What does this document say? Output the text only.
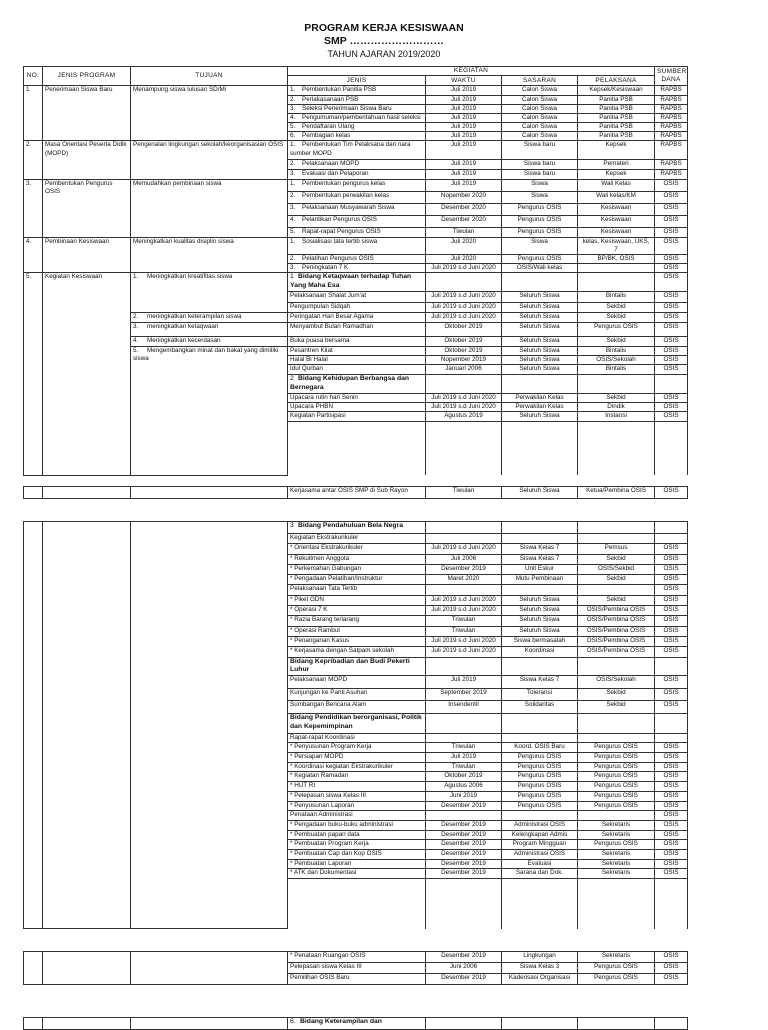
PROGRAM KERJA KESISWAAN
SMP ………………………
TAHUN AJARAN 2019/2020
NO.	JENIS PROGRAM	TUJUAN	KEGIATAN				SUMBER DANA
			JENIS	WAKTU	SASARAN	PELAKSANA	
1	Penerimaan Siswa Baru	Menampung siswa lulusan SD/Mi	1. Pembentukan Panitia PSB	Juli 2019	Calon Siswa	Kepsek/Kesiswaan	RAPBS
			2. Perlakasanaan PSB	Juli 2019	Calon Siswa	Panitia PSB	RAPBS
			3. Seleksi Penerimaan Siswa Baru	Juli 2019	Calon Siswa	Panitia PSB	RAPBS
			4. Pengumuman/pemberitahuan hasil seleksi	Juli 2019	Calon Siswa	Panitia PSB	RAPBS
			5. Pendaftaran Ulang	Juli 2019	Calon Siswa	Panitia PSB	RAPBS
			6. Pembagian kelas	Juli 2019	Calon Siswa	Panitia PSB	RAPBS
2.	Masa Orientasi Peserta Didik (MOPD)	Pengenalan lingkungan sekolah/keorganisasian OSIS	1. Pembentukan Tim Pelaksana dan nara sumber MOPD	Juli 2019	Siswa baru	Kepsek	RAPBS
			2. Pelaksanaan MOPD	Juli 2019	Siswa baru	Pemateri	RAPBS
			3. Evaluasi dan Pelaporan	Juli 2019	Siswa baru	Kepsek	RAPBS
3.	Pembentukan Pengurus OSIS	Memudahkan pembinaan siswa	1. Pembentukan pengurus kelas	Juli 2019	Siswa	Wali Kelas	OSIS
			2. Pembentukan perwakilan kelas	Nopember 2020	Siswa	Wali kelas/KM	OSIS
			3. Pelaksanaan Musyawarah Siswa	Desember 2020	Pengurus OSIS	Kesiswaan	OSIS
			4. Pelantikan Pengurus OSIS	Desember 2020	Pengurus OSIS	Kesiswaan	OSIS
			5. Rapat-rapat Pengurus OSIS	Tiwulan	Pengurus OSIS	Kesiswaan	OSIS
4.	Pembinaan Kesiswaan	Meningkatkan kualitas disiplin siswa	1. Sosialisasi tata tertib siswa	Juli 2020	Siswa	kelas, Kesiswaan, UKS, 7	OSIS
			2. Pelatihan Pengurus OSIS	Juli 2020	Pengurus OSIS	BP/BK, OSIS	OSIS
			3. Peningkatan 7 K	Juli 2019 s.d Juni 2020	OSIS/Wali kelas		OSIS
5.	Kegiatan Kesiswaan	1. Meningkatkan kreatifitas siswa	1 Bidang Ketaqwaan terhadap Tuhan Yang Maha Esa				OSIS
			Pelaksanaan Shalat Jum'at	Juli 2019 s.d Juni 2020	Seluruh Siswa	Bintalis	OSIS
			Pengumpulan Sidqah	Juli 2019 s.d Juni 2020	Seluruh Siswa	Sekbid	OSIS
		2. meningkatkan keterampilan siswa	Peringatan Hari Besar Agama	Juli 2019 s.d Juni 2020	Seluruh Siswa	Sekbid	OSIS
		3. meningkatkan ketaqwaan	Menyambut Bulan Ramadhan	Oktober 2019	Seluruh Siswa	Pengurus OSIS	OSIS
		4. Meningkatkan kecerdasan	Buka puasa bersama	Oktober 2019	Seluruh Siswa	Sekbid	OSIS
		5. Mengembangkan minat dan bakat yang dimiliki siswa	Pesantren Kilat	Oktober 2019	Seluruh Siswa	Bintalis	OSIS
			Halal Bi Halal	Nopember 2019	Seluruh Siswa	OSIS/Sekolah	OSIS
			Idul Qurban	Januari 2006	Seluruh Siswa	Bintalis	OSIS
			2 Bidang Kehidupan Berbangsa dan Bernegara				
			Upacara rutin hari Senin	Juli 2019 s.d Juni 2020	Perwakilan Kelas	Sekbid	OSIS
			Upacara PHBN	Juli 2019 s.d Juni 2020	Perwakilan Kelas	Dindik	OSIS
			Kegiatan Partisipasi	Agustus 2019	Seluruh Siswa	Instansi	OSIS

			Kerjasama antar OSIS SMP di Sub Rayon	Tiwulan	Seluruh Siswa	Ketua/Pembina OSIS	OSIS
			3 Bidang Pendahuluan Bela Negra				
			Kegiatan Ekstrakurikuler				
			* Orientasi Ekstrakurikuler	Juli 2019 s.d Juni 2020	Siswa Kelas 7	Pemsus	OSIS
			* Rekuitmen Anggota	Juli 2006	Siswa Kelas 7	Sekbid	OSIS
			* Perkemahan Gabungan	Desember 2019	Unit Eskur	OSIS/Sekbid	OSIS
			* Pengadaan Pelatihan/Instruktur	Maret 2020	Mutu Pembinaan	Sekbid	OSIS
			Pelaksanaan Tata Tertib				OSIS
			* Piket GDN	Juli 2019 s.d Juni 2020	Seluruh Siswa	Sekbid	OSIS
			* Operasi 7 K	Juli 2019 s.d Juni 2020	Seluruh Siswa	OSIS/Pembina OSIS	OSIS
			* Razia Barang terlarang	Triwulan	Seluruh Siswa	OSIS/Pembina OSIS	OSIS
			* Operasi Rambut	Triwulan	Seluruh Siswa	OSIS/Pembina OSIS	OSIS
			* Penanganan Kasus	Juli 2019 s.d Juni 2020	Siswa bermasalah	OSIS/Pembina OSIS	OSIS
			* Kerjasama dengan Satpam sekolah	Juli 2019 s.d Juni 2020	Koordinasi	OSIS/Pembina OSIS	OSIS
			Bidang Kepribadian dan Budi Pekerti Luhur				
			Pelaksanaan MOPD	Juli 2019	Siswa Kelas 7	OSIS/Sekolah	OSIS
			Kunjungan ke Panti Asuhan	September 2019	Toleransi	Sekbid	OSIS
			Sumbangan Bencana Alam	Insendentil	Solidaritas	Sekbid	OSIS
			Bidang Pendidikan berorganisasi, Politik dan Kepemimpinan				
			Rapat-rapat Koordinasi				
			* Penyusunan Program Kerja	Triwulan	Koord. OSIS Baru	Pengurus OSIS	OSIS
			* Persiapan MOPD	Juli 2019	Pengurus OSIS	Pengurus OSIS	OSIS
			* Koordinasi kegiatan Ekstrakurikuler	Triwulan	Pengurus OSIS	Pengurus OSIS	OSIS
			* Kegiatan Ramadan	Oktober 2019	Pengurus OSIS	Pengurus OSIS	OSIS
			* HUT RI	Agustus 2006	Pengurus OSIS	Pengurus OSIS	OSIS
			* Pelepasan siswa Kelas III	Juni 2019	Pengurus OSIS	Pengurus OSIS	OSIS
			* Penyusunan Laporan	Desember 2019	Pengurus OSIS	Pengurus OSIS	OSIS
			Penataan Administrasi				OSIS
			* Pengadaan buku-buku administrasi	Desember 2019	Administrasi OSIS	Sekretaris	OSIS
			* Pembuatan papan data	Desember 2019	Kelengkapan Admis	Sekretaris	OSIS
			* Pembuatan Program Kerja	Desember 2019	Program Mingguan	Pengurus OSIS	OSIS
			* Pembuatan Cap dan Kop OSIS	Desember 2019	Administrasi OSIS	Sekretaris	OSIS
			* Pembuatan Laporan	Desember 2019	Evaluasi	Sekretaris	OSIS
			* ATK dan Dokumentasi	Desember 2019	Sarana dan Dok.	Sekretaris	OSIS

			* Penataan Ruangan OSIS	Desember 2019	Lingkungan	Sekretaris	OSIS
			Pelepasan siswa Kelas III	Juni 2006	Siswa Kelas 3	Pengurus OSIS	OSIS
			Pemilihan OSIS Baru	Desember 2019	Kaderisasi Organisasi	Pengurus OSIS	OSIS
			6. Bidang Keterampilan dan				
